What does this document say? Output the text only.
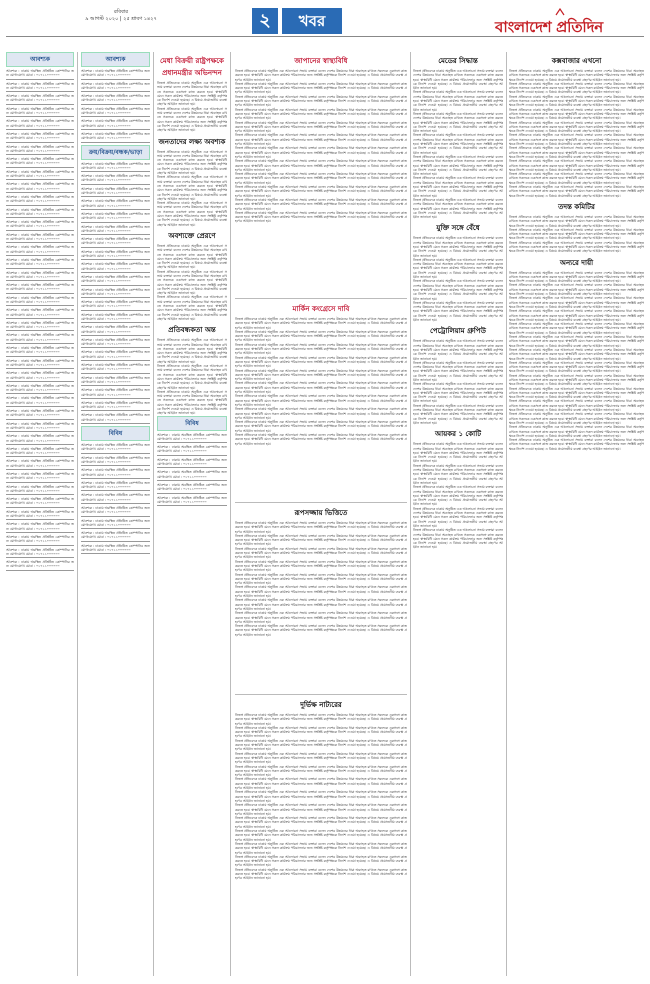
রবিবার
৯ আগস্ট ২০২০ | ২৫ শ্রাবণ ১৪২৭	২	খবর	বাংলাদেশ প্রতিদিন
আবশ্যক
আবশ্যক : ঢাকায় অবস্থিত প্রতিষ্ঠিত কোম্পানির জন্য যোগাযোগ। মোবা : ০১৭১১০০০০০০
আবশ্যক : ঢাকায় অবস্থিত প্রতিষ্ঠিত কোম্পানির জন্য যোগাযোগ। মোবা : ০১৭১১০০০০০০
আবশ্যক : ঢাকায় অবস্থিত প্রতিষ্ঠিত কোম্পানির জন্য যোগাযোগ। মোবা : ০১৭১১০০০০০০
আবশ্যক : ঢাকায় অবস্থিত প্রতিষ্ঠিত কোম্পানির জন্য যোগাযোগ। মোবা : ০১৭১১০০০০০০
আবশ্যক : ঢাকায় অবস্থিত প্রতিষ্ঠিত কোম্পানির জন্য যোগাযোগ। মোবা : ০১৭১১০০০০০০
আবশ্যক : ঢাকায় অবস্থিত প্রতিষ্ঠিত কোম্পানির জন্য যোগাযোগ। মোবা : ০১৭১১০০০০০০
আবশ্যক : ঢাকায় অবস্থিত প্রতিষ্ঠিত কোম্পানির জন্য যোগাযোগ। মোবা : ০১৭১১০০০০০০
আবশ্যক : ঢাকায় অবস্থিত প্রতিষ্ঠিত কোম্পানির জন্য যোগাযোগ। মোবা : ০১৭১১০০০০০০
আবশ্যক : ঢাকায় অবস্থিত প্রতিষ্ঠিত কোম্পানির জন্য যোগাযোগ। মোবা : ০১৭১১০০০০০০
আবশ্যক : ঢাকায় অবস্থিত প্রতিষ্ঠিত কোম্পানির জন্য যোগাযোগ। মোবা : ০১৭১১০০০০০০
আবশ্যক : ঢাকায় অবস্থিত প্রতিষ্ঠিত কোম্পানির জন্য যোগাযোগ। মোবা : ০১৭১১০০০০০০
আবশ্যক : ঢাকায় অবস্থিত প্রতিষ্ঠিত কোম্পানির জন্য যোগাযোগ। মোবা : ০১৭১১০০০০০০
আবশ্যক : ঢাকায় অবস্থিত প্রতিষ্ঠিত কোম্পানির জন্য যোগাযোগ। মোবা : ০১৭১১০০০০০০
আবশ্যক : ঢাকায় অবস্থিত প্রতিষ্ঠিত কোম্পানির জন্য যোগাযোগ। মোবা : ০১৭১১০০০০০০
আবশ্যক : ঢাকায় অবস্থিত প্রতিষ্ঠিত কোম্পানির জন্য যোগাযোগ। মোবা : ০১৭১১০০০০০০
আবশ্যক : ঢাকায় অবস্থিত প্রতিষ্ঠিত কোম্পানির জন্য যোগাযোগ। মোবা : ০১৭১১০০০০০০
আবশ্যক : ঢাকায় অবস্থিত প্রতিষ্ঠিত কোম্পানির জন্য যোগাযোগ। মোবা : ০১৭১১০০০০০০
আবশ্যক : ঢাকায় অবস্থিত প্রতিষ্ঠিত কোম্পানির জন্য যোগাযোগ। মোবা : ০১৭১১০০০০০০
আবশ্যক : ঢাকায় অবস্থিত প্রতিষ্ঠিত কোম্পানির জন্য যোগাযোগ। মোবা : ০১৭১১০০০০০০
আবশ্যক : ঢাকায় অবস্থিত প্রতিষ্ঠিত কোম্পানির জন্য যোগাযোগ। মোবা : ০১৭১১০০০০০০
আবশ্যক : ঢাকায় অবস্থিত প্রতিষ্ঠিত কোম্পানির জন্য যোগাযোগ। মোবা : ০১৭১১০০০০০০
আবশ্যক : ঢাকায় অবস্থিত প্রতিষ্ঠিত কোম্পানির জন্য যোগাযোগ। মোবা : ০১৭১১০০০০০০
আবশ্যক : ঢাকায় অবস্থিত প্রতিষ্ঠিত কোম্পানির জন্য যোগাযোগ। মোবা : ০১৭১১০০০০০০
আবশ্যক : ঢাকায় অবস্থিত প্রতিষ্ঠিত কোম্পানির জন্য যোগাযোগ। মোবা : ০১৭১১০০০০০০
আবশ্যক : ঢাকায় অবস্থিত প্রতিষ্ঠিত কোম্পানির জন্য যোগাযোগ। মোবা : ০১৭১১০০০০০০
আবশ্যক : ঢাকায় অবস্থিত প্রতিষ্ঠিত কোম্পানির জন্য যোগাযোগ। মোবা : ০১৭১১০০০০০০
আবশ্যক : ঢাকায় অবস্থিত প্রতিষ্ঠিত কোম্পানির জন্য যোগাযোগ। মোবা : ০১৭১১০০০০০০
আবশ্যক : ঢাকায় অবস্থিত প্রতিষ্ঠিত কোম্পানির জন্য যোগাযোগ। মোবা : ০১৭১১০০০০০০
আবশ্যক : ঢাকায় অবস্থিত প্রতিষ্ঠিত কোম্পানির জন্য যোগাযোগ। মোবা : ০১৭১১০০০০০০
আবশ্যক : ঢাকায় অবস্থিত প্রতিষ্ঠিত কোম্পানির জন্য যোগাযোগ। মোবা : ০১৭১১০০০০০০
আবশ্যক : ঢাকায় অবস্থিত প্রতিষ্ঠিত কোম্পানির জন্য যোগাযোগ। মোবা : ০১৭১১০০০০০০
আবশ্যক : ঢাকায় অবস্থিত প্রতিষ্ঠিত কোম্পানির জন্য যোগাযোগ। মোবা : ০১৭১১০০০০০০
আবশ্যক : ঢাকায় অবস্থিত প্রতিষ্ঠিত কোম্পানির জন্য যোগাযোগ। মোবা : ০১৭১১০০০০০০
আবশ্যক : ঢাকায় অবস্থিত প্রতিষ্ঠিত কোম্পানির জন্য যোগাযোগ। মোবা : ০১৭১১০০০০০০
আবশ্যক : ঢাকায় অবস্থিত প্রতিষ্ঠিত কোম্পানির জন্য যোগাযোগ। মোবা : ০১৭১১০০০০০০
আবশ্যক : ঢাকায় অবস্থিত প্রতিষ্ঠিত কোম্পানির জন্য যোগাযোগ। মোবা : ০১৭১১০০০০০০
আবশ্যক : ঢাকায় অবস্থিত প্রতিষ্ঠিত কোম্পানির জন্য যোগাযোগ। মোবা : ০১৭১১০০০০০০
আবশ্যক : ঢাকায় অবস্থিত প্রতিষ্ঠিত কোম্পানির জন্য যোগাযোগ। মোবা : ০১৭১১০০০০০০
আবশ্যক : ঢাকায় অবস্থিত প্রতিষ্ঠিত কোম্পানির জন্য যোগাযোগ। মোবা : ০১৭১১০০০০০০
আবশ্যক : ঢাকায় অবস্থিত প্রতিষ্ঠিত কোম্পানির জন্য যোগাযোগ। মোবা : ০১৭১১০০০০০০
আবশ্যক
আবশ্যক : ঢাকায় অবস্থিত প্রতিষ্ঠিত কোম্পানির জন্য যোগাযোগ। মোবা : ০১৭১১০০০০০০
আবশ্যক : ঢাকায় অবস্থিত প্রতিষ্ঠিত কোম্পানির জন্য যোগাযোগ। মোবা : ০১৭১১০০০০০০
আবশ্যক : ঢাকায় অবস্থিত প্রতিষ্ঠিত কোম্পানির জন্য যোগাযোগ। মোবা : ০১৭১১০০০০০০
আবশ্যক : ঢাকায় অবস্থিত প্রতিষ্ঠিত কোম্পানির জন্য যোগাযোগ। মোবা : ০১৭১১০০০০০০
আবশ্যক : ঢাকায় অবস্থিত প্রতিষ্ঠিত কোম্পানির জন্য যোগাযোগ। মোবা : ০১৭১১০০০০০০
আবশ্যক : ঢাকায় অবস্থিত প্রতিষ্ঠিত কোম্পানির জন্য যোগাযোগ। মোবা : ০১৭১১০০০০০০
ক্রয়/বিক্রয়/বন্ধক/ভাড়া
আবশ্যক : ঢাকায় অবস্থিত প্রতিষ্ঠিত কোম্পানির জন্য যোগাযোগ। মোবা : ০১৭১১০০০০০০
আবশ্যক : ঢাকায় অবস্থিত প্রতিষ্ঠিত কোম্পানির জন্য যোগাযোগ। মোবা : ০১৭১১০০০০০০
আবশ্যক : ঢাকায় অবস্থিত প্রতিষ্ঠিত কোম্পানির জন্য যোগাযোগ। মোবা : ০১৭১১০০০০০০
আবশ্যক : ঢাকায় অবস্থিত প্রতিষ্ঠিত কোম্পানির জন্য যোগাযোগ। মোবা : ০১৭১১০০০০০০
আবশ্যক : ঢাকায় অবস্থিত প্রতিষ্ঠিত কোম্পানির জন্য যোগাযোগ। মোবা : ০১৭১১০০০০০০
আবশ্যক : ঢাকায় অবস্থিত প্রতিষ্ঠিত কোম্পানির জন্য যোগাযোগ। মোবা : ০১৭১১০০০০০০
আবশ্যক : ঢাকায় অবস্থিত প্রতিষ্ঠিত কোম্পানির জন্য যোগাযোগ। মোবা : ০১৭১১০০০০০০
আবশ্যক : ঢাকায় অবস্থিত প্রতিষ্ঠিত কোম্পানির জন্য যোগাযোগ। মোবা : ০১৭১১০০০০০০
আবশ্যক : ঢাকায় অবস্থিত প্রতিষ্ঠিত কোম্পানির জন্য যোগাযোগ। মোবা : ০১৭১১০০০০০০
আবশ্যক : ঢাকায় অবস্থিত প্রতিষ্ঠিত কোম্পানির জন্য যোগাযোগ। মোবা : ০১৭১১০০০০০০
আবশ্যক : ঢাকায় অবস্থিত প্রতিষ্ঠিত কোম্পানির জন্য যোগাযোগ। মোবা : ০১৭১১০০০০০০
আবশ্যক : ঢাকায় অবস্থিত প্রতিষ্ঠিত কোম্পানির জন্য যোগাযোগ। মোবা : ০১৭১১০০০০০০
আবশ্যক : ঢাকায় অবস্থিত প্রতিষ্ঠিত কোম্পানির জন্য যোগাযোগ। মোবা : ০১৭১১০০০০০০
আবশ্যক : ঢাকায় অবস্থিত প্রতিষ্ঠিত কোম্পানির জন্য যোগাযোগ। মোবা : ০১৭১১০০০০০০
আবশ্যক : ঢাকায় অবস্থিত প্রতিষ্ঠিত কোম্পানির জন্য যোগাযোগ। মোবা : ০১৭১১০০০০০০
আবশ্যক : ঢাকায় অবস্থিত প্রতিষ্ঠিত কোম্পানির জন্য যোগাযোগ। মোবা : ০১৭১১০০০০০০
আবশ্যক : ঢাকায় অবস্থিত প্রতিষ্ঠিত কোম্পানির জন্য যোগাযোগ। মোবা : ০১৭১১০০০০০০
আবশ্যক : ঢাকায় অবস্থিত প্রতিষ্ঠিত কোম্পানির জন্য যোগাযোগ। মোবা : ০১৭১১০০০০০০
আবশ্যক : ঢাকায় অবস্থিত প্রতিষ্ঠিত কোম্পানির জন্য যোগাযোগ। মোবা : ০১৭১১০০০০০০
আবশ্যক : ঢাকায় অবস্থিত প্রতিষ্ঠিত কোম্পানির জন্য যোগাযোগ। মোবা : ০১৭১১০০০০০০
আবশ্যক : ঢাকায় অবস্থিত প্রতিষ্ঠিত কোম্পানির জন্য যোগাযোগ। মোবা : ০১৭১১০০০০০০
বিবিধ
আবশ্যক : ঢাকায় অবস্থিত প্রতিষ্ঠিত কোম্পানির জন্য যোগাযোগ। মোবা : ০১৭১১০০০০০০
আবশ্যক : ঢাকায় অবস্থিত প্রতিষ্ঠিত কোম্পানির জন্য যোগাযোগ। মোবা : ০১৭১১০০০০০০
আবশ্যক : ঢাকায় অবস্থিত প্রতিষ্ঠিত কোম্পানির জন্য যোগাযোগ। মোবা : ০১৭১১০০০০০০
আবশ্যক : ঢাকায় অবস্থিত প্রতিষ্ঠিত কোম্পানির জন্য যোগাযোগ। মোবা : ০১৭১১০০০০০০
আবশ্যক : ঢাকায় অবস্থিত প্রতিষ্ঠিত কোম্পানির জন্য যোগাযোগ। মোবা : ০১৭১১০০০০০০
আবশ্যক : ঢাকায় অবস্থিত প্রতিষ্ঠিত কোম্পানির জন্য যোগাযোগ। মোবা : ০১৭১১০০০০০০
আবশ্যক : ঢাকায় অবস্থিত প্রতিষ্ঠিত কোম্পানির জন্য যোগাযোগ। মোবা : ০১৭১১০০০০০০
আবশ্যক : ঢাকায় অবস্থিত প্রতিষ্ঠিত কোম্পানির জন্য যোগাযোগ। মোবা : ০১৭১১০০০০০০
আবশ্যক : ঢাকায় অবস্থিত প্রতিষ্ঠিত কোম্পানির জন্য যোগাযোগ। মোবা : ০১৭১১০০০০০০
মেধা বিক্রয়ী রাষ্ট্রপক্ষকে প্রধানমন্ত্রীর অভিনন্দন
নিজস্ব প্রতিবেদক ঢাকায় অনুষ্ঠিত এক আলোচনা সভায় বক্তারা বলেন দেশের উন্নয়নের ধারা অব্যাহত রাখতে সকলকে একসঙ্গে কাজ করতে হবে। স্বাস্থ্যবিধি মেনে সকল কার্যক্রম পরিচালনার জন্য সংশ্লিষ্ট কর্তৃপক্ষকে নির্দেশ দেওয়া হয়েছে। এ বিষয়ে প্রয়োজনীয় ব্যবস্থা গ্রহণের আহ্বান জানানো হয়।
নিজস্ব প্রতিবেদক ঢাকায় অনুষ্ঠিত এক আলোচনা সভায় বক্তারা বলেন দেশের উন্নয়নের ধারা অব্যাহত রাখতে সকলকে একসঙ্গে কাজ করতে হবে। স্বাস্থ্যবিধি মেনে সকল কার্যক্রম পরিচালনার জন্য সংশ্লিষ্ট কর্তৃপক্ষকে নির্দেশ দেওয়া হয়েছে। এ বিষয়ে প্রয়োজনীয় ব্যবস্থা গ্রহণের আহ্বান জানানো হয়।
জনতাদের লক্ষ্য অবশ্যক
নিজস্ব প্রতিবেদক ঢাকায় অনুষ্ঠিত এক আলোচনা সভায় বক্তারা বলেন দেশের উন্নয়নের ধারা অব্যাহত রাখতে সকলকে একসঙ্গে কাজ করতে হবে। স্বাস্থ্যবিধি মেনে সকল কার্যক্রম পরিচালনার জন্য সংশ্লিষ্ট কর্তৃপক্ষকে নির্দেশ দেওয়া হয়েছে। এ বিষয়ে প্রয়োজনীয় ব্যবস্থা গ্রহণের আহ্বান জানানো হয়।
নিজস্ব প্রতিবেদক ঢাকায় অনুষ্ঠিত এক আলোচনা সভায় বক্তারা বলেন দেশের উন্নয়নের ধারা অব্যাহত রাখতে সকলকে একসঙ্গে কাজ করতে হবে। স্বাস্থ্যবিধি মেনে সকল কার্যক্রম পরিচালনার জন্য সংশ্লিষ্ট কর্তৃপক্ষকে নির্দেশ দেওয়া হয়েছে। এ বিষয়ে প্রয়োজনীয় ব্যবস্থা গ্রহণের আহ্বান জানানো হয়।
নিজস্ব প্রতিবেদক ঢাকায় অনুষ্ঠিত এক আলোচনা সভায় বক্তারা বলেন দেশের উন্নয়নের ধারা অব্যাহত রাখতে সকলকে একসঙ্গে কাজ করতে হবে। স্বাস্থ্যবিধি মেনে সকল কার্যক্রম পরিচালনার জন্য সংশ্লিষ্ট কর্তৃপক্ষকে নির্দেশ দেওয়া হয়েছে। এ বিষয়ে প্রয়োজনীয় ব্যবস্থা গ্রহণের আহ্বান জানানো হয়।
অবশ্যক্তে প্রেরণে
নিজস্ব প্রতিবেদক ঢাকায় অনুষ্ঠিত এক আলোচনা সভায় বক্তারা বলেন দেশের উন্নয়নের ধারা অব্যাহত রাখতে সকলকে একসঙ্গে কাজ করতে হবে। স্বাস্থ্যবিধি মেনে সকল কার্যক্রম পরিচালনার জন্য সংশ্লিষ্ট কর্তৃপক্ষকে নির্দেশ দেওয়া হয়েছে। এ বিষয়ে প্রয়োজনীয় ব্যবস্থা গ্রহণের আহ্বান জানানো হয়।
নিজস্ব প্রতিবেদক ঢাকায় অনুষ্ঠিত এক আলোচনা সভায় বক্তারা বলেন দেশের উন্নয়নের ধারা অব্যাহত রাখতে সকলকে একসঙ্গে কাজ করতে হবে। স্বাস্থ্যবিধি মেনে সকল কার্যক্রম পরিচালনার জন্য সংশ্লিষ্ট কর্তৃপক্ষকে নির্দেশ দেওয়া হয়েছে। এ বিষয়ে প্রয়োজনীয় ব্যবস্থা গ্রহণের আহ্বান জানানো হয়।
নিজস্ব প্রতিবেদক ঢাকায় অনুষ্ঠিত এক আলোচনা সভায় বক্তারা বলেন দেশের উন্নয়নের ধারা অব্যাহত রাখতে সকলকে একসঙ্গে কাজ করতে হবে। স্বাস্থ্যবিধি মেনে সকল কার্যক্রম পরিচালনার জন্য সংশ্লিষ্ট কর্তৃপক্ষকে নির্দেশ দেওয়া হয়েছে। এ বিষয়ে প্রয়োজনীয় ব্যবস্থা গ্রহণের আহ্বান জানানো হয়।
প্রতিবন্ধকতা অন্ত
নিজস্ব প্রতিবেদক ঢাকায় অনুষ্ঠিত এক আলোচনা সভায় বক্তারা বলেন দেশের উন্নয়নের ধারা অব্যাহত রাখতে সকলকে একসঙ্গে কাজ করতে হবে। স্বাস্থ্যবিধি মেনে সকল কার্যক্রম পরিচালনার জন্য সংশ্লিষ্ট কর্তৃপক্ষকে নির্দেশ দেওয়া হয়েছে। এ বিষয়ে প্রয়োজনীয় ব্যবস্থা গ্রহণের আহ্বান জানানো হয়।
নিজস্ব প্রতিবেদক ঢাকায় অনুষ্ঠিত এক আলোচনা সভায় বক্তারা বলেন দেশের উন্নয়নের ধারা অব্যাহত রাখতে সকলকে একসঙ্গে কাজ করতে হবে। স্বাস্থ্যবিধি মেনে সকল কার্যক্রম পরিচালনার জন্য সংশ্লিষ্ট কর্তৃপক্ষকে নির্দেশ দেওয়া হয়েছে। এ বিষয়ে প্রয়োজনীয় ব্যবস্থা গ্রহণের আহ্বান জানানো হয়।
নিজস্ব প্রতিবেদক ঢাকায় অনুষ্ঠিত এক আলোচনা সভায় বক্তারা বলেন দেশের উন্নয়নের ধারা অব্যাহত রাখতে সকলকে একসঙ্গে কাজ করতে হবে। স্বাস্থ্যবিধি মেনে সকল কার্যক্রম পরিচালনার জন্য সংশ্লিষ্ট কর্তৃপক্ষকে নির্দেশ দেওয়া হয়েছে। এ বিষয়ে প্রয়োজনীয় ব্যবস্থা গ্রহণের আহ্বান জানানো হয়।
বিবিধ
আবশ্যক : ঢাকায় অবস্থিত প্রতিষ্ঠিত কোম্পানির জন্য যোগাযোগ। মোবা : ০১৭১১০০০০০০
আবশ্যক : ঢাকায় অবস্থিত প্রতিষ্ঠিত কোম্পানির জন্য যোগাযোগ। মোবা : ০১৭১১০০০০০০
আবশ্যক : ঢাকায় অবস্থিত প্রতিষ্ঠিত কোম্পানির জন্য যোগাযোগ। মোবা : ০১৭১১০০০০০০
আবশ্যক : ঢাকায় অবস্থিত প্রতিষ্ঠিত কোম্পানির জন্য যোগাযোগ। মোবা : ০১৭১১০০০০০০
আবশ্যক : ঢাকায় অবস্থিত প্রতিষ্ঠিত কোম্পানির জন্য যোগাযোগ। মোবা : ০১৭১১০০০০০০
আবশ্যক : ঢাকায় অবস্থিত প্রতিষ্ঠিত কোম্পানির জন্য যোগাযোগ। মোবা : ০১৭১১০০০০০০
জাপানের স্বাস্থ্যবিধি
নিজস্ব প্রতিবেদক ঢাকায় অনুষ্ঠিত এক আলোচনা সভায় বক্তারা বলেন দেশের উন্নয়নের ধারা অব্যাহত রাখতে সকলকে একসঙ্গে কাজ করতে হবে। স্বাস্থ্যবিধি মেনে সকল কার্যক্রম পরিচালনার জন্য সংশ্লিষ্ট কর্তৃপক্ষকে নির্দেশ দেওয়া হয়েছে। এ বিষয়ে প্রয়োজনীয় ব্যবস্থা গ্রহণের আহ্বান জানানো হয়।
নিজস্ব প্রতিবেদক ঢাকায় অনুষ্ঠিত এক আলোচনা সভায় বক্তারা বলেন দেশের উন্নয়নের ধারা অব্যাহত রাখতে সকলকে একসঙ্গে কাজ করতে হবে। স্বাস্থ্যবিধি মেনে সকল কার্যক্রম পরিচালনার জন্য সংশ্লিষ্ট কর্তৃপক্ষকে নির্দেশ দেওয়া হয়েছে। এ বিষয়ে প্রয়োজনীয় ব্যবস্থা গ্রহণের আহ্বান জানানো হয়।
নিজস্ব প্রতিবেদক ঢাকায় অনুষ্ঠিত এক আলোচনা সভায় বক্তারা বলেন দেশের উন্নয়নের ধারা অব্যাহত রাখতে সকলকে একসঙ্গে কাজ করতে হবে। স্বাস্থ্যবিধি মেনে সকল কার্যক্রম পরিচালনার জন্য সংশ্লিষ্ট কর্তৃপক্ষকে নির্দেশ দেওয়া হয়েছে। এ বিষয়ে প্রয়োজনীয় ব্যবস্থা গ্রহণের আহ্বান জানানো হয়।
নিজস্ব প্রতিবেদক ঢাকায় অনুষ্ঠিত এক আলোচনা সভায় বক্তারা বলেন দেশের উন্নয়নের ধারা অব্যাহত রাখতে সকলকে একসঙ্গে কাজ করতে হবে। স্বাস্থ্যবিধি মেনে সকল কার্যক্রম পরিচালনার জন্য সংশ্লিষ্ট কর্তৃপক্ষকে নির্দেশ দেওয়া হয়েছে। এ বিষয়ে প্রয়োজনীয় ব্যবস্থা গ্রহণের আহ্বান জানানো হয়।
নিজস্ব প্রতিবেদক ঢাকায় অনুষ্ঠিত এক আলোচনা সভায় বক্তারা বলেন দেশের উন্নয়নের ধারা অব্যাহত রাখতে সকলকে একসঙ্গে কাজ করতে হবে। স্বাস্থ্যবিধি মেনে সকল কার্যক্রম পরিচালনার জন্য সংশ্লিষ্ট কর্তৃপক্ষকে নির্দেশ দেওয়া হয়েছে। এ বিষয়ে প্রয়োজনীয় ব্যবস্থা গ্রহণের আহ্বান জানানো হয়।
নিজস্ব প্রতিবেদক ঢাকায় অনুষ্ঠিত এক আলোচনা সভায় বক্তারা বলেন দেশের উন্নয়নের ধারা অব্যাহত রাখতে সকলকে একসঙ্গে কাজ করতে হবে। স্বাস্থ্যবিধি মেনে সকল কার্যক্রম পরিচালনার জন্য সংশ্লিষ্ট কর্তৃপক্ষকে নির্দেশ দেওয়া হয়েছে। এ বিষয়ে প্রয়োজনীয় ব্যবস্থা গ্রহণের আহ্বান জানানো হয়।
নিজস্ব প্রতিবেদক ঢাকায় অনুষ্ঠিত এক আলোচনা সভায় বক্তারা বলেন দেশের উন্নয়নের ধারা অব্যাহত রাখতে সকলকে একসঙ্গে কাজ করতে হবে। স্বাস্থ্যবিধি মেনে সকল কার্যক্রম পরিচালনার জন্য সংশ্লিষ্ট কর্তৃপক্ষকে নির্দেশ দেওয়া হয়েছে। এ বিষয়ে প্রয়োজনীয় ব্যবস্থা গ্রহণের আহ্বান জানানো হয়।
নিজস্ব প্রতিবেদক ঢাকায় অনুষ্ঠিত এক আলোচনা সভায় বক্তারা বলেন দেশের উন্নয়নের ধারা অব্যাহত রাখতে সকলকে একসঙ্গে কাজ করতে হবে। স্বাস্থ্যবিধি মেনে সকল কার্যক্রম পরিচালনার জন্য সংশ্লিষ্ট কর্তৃপক্ষকে নির্দেশ দেওয়া হয়েছে। এ বিষয়ে প্রয়োজনীয় ব্যবস্থা গ্রহণের আহ্বান জানানো হয়।
নিজস্ব প্রতিবেদক ঢাকায় অনুষ্ঠিত এক আলোচনা সভায় বক্তারা বলেন দেশের উন্নয়নের ধারা অব্যাহত রাখতে সকলকে একসঙ্গে কাজ করতে হবে। স্বাস্থ্যবিধি মেনে সকল কার্যক্রম পরিচালনার জন্য সংশ্লিষ্ট কর্তৃপক্ষকে নির্দেশ দেওয়া হয়েছে। এ বিষয়ে প্রয়োজনীয় ব্যবস্থা গ্রহণের আহ্বান জানানো হয়।
নিজস্ব প্রতিবেদক ঢাকায় অনুষ্ঠিত এক আলোচনা সভায় বক্তারা বলেন দেশের উন্নয়নের ধারা অব্যাহত রাখতে সকলকে একসঙ্গে কাজ করতে হবে। স্বাস্থ্যবিধি মেনে সকল কার্যক্রম পরিচালনার জন্য সংশ্লিষ্ট কর্তৃপক্ষকে নির্দেশ দেওয়া হয়েছে। এ বিষয়ে প্রয়োজনীয় ব্যবস্থা গ্রহণের আহ্বান জানানো হয়।
নিজস্ব প্রতিবেদক ঢাকায় অনুষ্ঠিত এক আলোচনা সভায় বক্তারা বলেন দেশের উন্নয়নের ধারা অব্যাহত রাখতে সকলকে একসঙ্গে কাজ করতে হবে। স্বাস্থ্যবিধি মেনে সকল কার্যক্রম পরিচালনার জন্য সংশ্লিষ্ট কর্তৃপক্ষকে নির্দেশ দেওয়া হয়েছে। এ বিষয়ে প্রয়োজনীয় ব্যবস্থা গ্রহণের আহ্বান জানানো হয়।
নিজস্ব প্রতিবেদক ঢাকায় অনুষ্ঠিত এক আলোচনা সভায় বক্তারা বলেন দেশের উন্নয়নের ধারা অব্যাহত রাখতে সকলকে একসঙ্গে কাজ করতে হবে। স্বাস্থ্যবিধি মেনে সকল কার্যক্রম পরিচালনার জন্য সংশ্লিষ্ট কর্তৃপক্ষকে নির্দেশ দেওয়া হয়েছে। এ বিষয়ে প্রয়োজনীয় ব্যবস্থা গ্রহণের আহ্বান জানানো হয়।
মার্কিন কংগ্রেসে দাবি
নিজস্ব প্রতিবেদক ঢাকায় অনুষ্ঠিত এক আলোচনা সভায় বক্তারা বলেন দেশের উন্নয়নের ধারা অব্যাহত রাখতে সকলকে একসঙ্গে কাজ করতে হবে। স্বাস্থ্যবিধি মেনে সকল কার্যক্রম পরিচালনার জন্য সংশ্লিষ্ট কর্তৃপক্ষকে নির্দেশ দেওয়া হয়েছে। এ বিষয়ে প্রয়োজনীয় ব্যবস্থা গ্রহণের আহ্বান জানানো হয়।
নিজস্ব প্রতিবেদক ঢাকায় অনুষ্ঠিত এক আলোচনা সভায় বক্তারা বলেন দেশের উন্নয়নের ধারা অব্যাহত রাখতে সকলকে একসঙ্গে কাজ করতে হবে। স্বাস্থ্যবিধি মেনে সকল কার্যক্রম পরিচালনার জন্য সংশ্লিষ্ট কর্তৃপক্ষকে নির্দেশ দেওয়া হয়েছে। এ বিষয়ে প্রয়োজনীয় ব্যবস্থা গ্রহণের আহ্বান জানানো হয়।
নিজস্ব প্রতিবেদক ঢাকায় অনুষ্ঠিত এক আলোচনা সভায় বক্তারা বলেন দেশের উন্নয়নের ধারা অব্যাহত রাখতে সকলকে একসঙ্গে কাজ করতে হবে। স্বাস্থ্যবিধি মেনে সকল কার্যক্রম পরিচালনার জন্য সংশ্লিষ্ট কর্তৃপক্ষকে নির্দেশ দেওয়া হয়েছে। এ বিষয়ে প্রয়োজনীয় ব্যবস্থা গ্রহণের আহ্বান জানানো হয়।
নিজস্ব প্রতিবেদক ঢাকায় অনুষ্ঠিত এক আলোচনা সভায় বক্তারা বলেন দেশের উন্নয়নের ধারা অব্যাহত রাখতে সকলকে একসঙ্গে কাজ করতে হবে। স্বাস্থ্যবিধি মেনে সকল কার্যক্রম পরিচালনার জন্য সংশ্লিষ্ট কর্তৃপক্ষকে নির্দেশ দেওয়া হয়েছে। এ বিষয়ে প্রয়োজনীয় ব্যবস্থা গ্রহণের আহ্বান জানানো হয়।
নিজস্ব প্রতিবেদক ঢাকায় অনুষ্ঠিত এক আলোচনা সভায় বক্তারা বলেন দেশের উন্নয়নের ধারা অব্যাহত রাখতে সকলকে একসঙ্গে কাজ করতে হবে। স্বাস্থ্যবিধি মেনে সকল কার্যক্রম পরিচালনার জন্য সংশ্লিষ্ট কর্তৃপক্ষকে নির্দেশ দেওয়া হয়েছে। এ বিষয়ে প্রয়োজনীয় ব্যবস্থা গ্রহণের আহ্বান জানানো হয়।
নিজস্ব প্রতিবেদক ঢাকায় অনুষ্ঠিত এক আলোচনা সভায় বক্তারা বলেন দেশের উন্নয়নের ধারা অব্যাহত রাখতে সকলকে একসঙ্গে কাজ করতে হবে। স্বাস্থ্যবিধি মেনে সকল কার্যক্রম পরিচালনার জন্য সংশ্লিষ্ট কর্তৃপক্ষকে নির্দেশ দেওয়া হয়েছে। এ বিষয়ে প্রয়োজনীয় ব্যবস্থা গ্রহণের আহ্বান জানানো হয়।
নিজস্ব প্রতিবেদক ঢাকায় অনুষ্ঠিত এক আলোচনা সভায় বক্তারা বলেন দেশের উন্নয়নের ধারা অব্যাহত রাখতে সকলকে একসঙ্গে কাজ করতে হবে। স্বাস্থ্যবিধি মেনে সকল কার্যক্রম পরিচালনার জন্য সংশ্লিষ্ট কর্তৃপক্ষকে নির্দেশ দেওয়া হয়েছে। এ বিষয়ে প্রয়োজনীয় ব্যবস্থা গ্রহণের আহ্বান জানানো হয়।
নিজস্ব প্রতিবেদক ঢাকায় অনুষ্ঠিত এক আলোচনা সভায় বক্তারা বলেন দেশের উন্নয়নের ধারা অব্যাহত রাখতে সকলকে একসঙ্গে কাজ করতে হবে। স্বাস্থ্যবিধি মেনে সকল কার্যক্রম পরিচালনার জন্য সংশ্লিষ্ট কর্তৃপক্ষকে নির্দেশ দেওয়া হয়েছে। এ বিষয়ে প্রয়োজনীয় ব্যবস্থা গ্রহণের আহ্বান জানানো হয়।
নিজস্ব প্রতিবেদক ঢাকায় অনুষ্ঠিত এক আলোচনা সভায় বক্তারা বলেন দেশের উন্নয়নের ধারা অব্যাহত রাখতে সকলকে একসঙ্গে কাজ করতে হবে। স্বাস্থ্যবিধি মেনে সকল কার্যক্রম পরিচালনার জন্য সংশ্লিষ্ট কর্তৃপক্ষকে নির্দেশ দেওয়া হয়েছে। এ বিষয়ে প্রয়োজনীয় ব্যবস্থা গ্রহণের আহ্বান জানানো হয়।
নিজস্ব প্রতিবেদক ঢাকায় অনুষ্ঠিত এক আলোচনা সভায় বক্তারা বলেন দেশের উন্নয়নের ধারা অব্যাহত রাখতে সকলকে একসঙ্গে কাজ করতে হবে। স্বাস্থ্যবিধি মেনে সকল কার্যক্রম পরিচালনার জন্য সংশ্লিষ্ট কর্তৃপক্ষকে নির্দেশ দেওয়া হয়েছে। এ বিষয়ে প্রয়োজনীয় ব্যবস্থা গ্রহণের আহ্বান জানানো হয়।
রূপসজ্জায় ভিত্তিতে
নিজস্ব প্রতিবেদক ঢাকায় অনুষ্ঠিত এক আলোচনা সভায় বক্তারা বলেন দেশের উন্নয়নের ধারা অব্যাহত রাখতে সকলকে একসঙ্গে কাজ করতে হবে। স্বাস্থ্যবিধি মেনে সকল কার্যক্রম পরিচালনার জন্য সংশ্লিষ্ট কর্তৃপক্ষকে নির্দেশ দেওয়া হয়েছে। এ বিষয়ে প্রয়োজনীয় ব্যবস্থা গ্রহণের আহ্বান জানানো হয়।
নিজস্ব প্রতিবেদক ঢাকায় অনুষ্ঠিত এক আলোচনা সভায় বক্তারা বলেন দেশের উন্নয়নের ধারা অব্যাহত রাখতে সকলকে একসঙ্গে কাজ করতে হবে। স্বাস্থ্যবিধি মেনে সকল কার্যক্রম পরিচালনার জন্য সংশ্লিষ্ট কর্তৃপক্ষকে নির্দেশ দেওয়া হয়েছে। এ বিষয়ে প্রয়োজনীয় ব্যবস্থা গ্রহণের আহ্বান জানানো হয়।
নিজস্ব প্রতিবেদক ঢাকায় অনুষ্ঠিত এক আলোচনা সভায় বক্তারা বলেন দেশের উন্নয়নের ধারা অব্যাহত রাখতে সকলকে একসঙ্গে কাজ করতে হবে। স্বাস্থ্যবিধি মেনে সকল কার্যক্রম পরিচালনার জন্য সংশ্লিষ্ট কর্তৃপক্ষকে নির্দেশ দেওয়া হয়েছে। এ বিষয়ে প্রয়োজনীয় ব্যবস্থা গ্রহণের আহ্বান জানানো হয়।
নিজস্ব প্রতিবেদক ঢাকায় অনুষ্ঠিত এক আলোচনা সভায় বক্তারা বলেন দেশের উন্নয়নের ধারা অব্যাহত রাখতে সকলকে একসঙ্গে কাজ করতে হবে। স্বাস্থ্যবিধি মেনে সকল কার্যক্রম পরিচালনার জন্য সংশ্লিষ্ট কর্তৃপক্ষকে নির্দেশ দেওয়া হয়েছে। এ বিষয়ে প্রয়োজনীয় ব্যবস্থা গ্রহণের আহ্বান জানানো হয়।
নিজস্ব প্রতিবেদক ঢাকায় অনুষ্ঠিত এক আলোচনা সভায় বক্তারা বলেন দেশের উন্নয়নের ধারা অব্যাহত রাখতে সকলকে একসঙ্গে কাজ করতে হবে। স্বাস্থ্যবিধি মেনে সকল কার্যক্রম পরিচালনার জন্য সংশ্লিষ্ট কর্তৃপক্ষকে নির্দেশ দেওয়া হয়েছে। এ বিষয়ে প্রয়োজনীয় ব্যবস্থা গ্রহণের আহ্বান জানানো হয়।
নিজস্ব প্রতিবেদক ঢাকায় অনুষ্ঠিত এক আলোচনা সভায় বক্তারা বলেন দেশের উন্নয়নের ধারা অব্যাহত রাখতে সকলকে একসঙ্গে কাজ করতে হবে। স্বাস্থ্যবিধি মেনে সকল কার্যক্রম পরিচালনার জন্য সংশ্লিষ্ট কর্তৃপক্ষকে নির্দেশ দেওয়া হয়েছে। এ বিষয়ে প্রয়োজনীয় ব্যবস্থা গ্রহণের আহ্বান জানানো হয়।
নিজস্ব প্রতিবেদক ঢাকায় অনুষ্ঠিত এক আলোচনা সভায় বক্তারা বলেন দেশের উন্নয়নের ধারা অব্যাহত রাখতে সকলকে একসঙ্গে কাজ করতে হবে। স্বাস্থ্যবিধি মেনে সকল কার্যক্রম পরিচালনার জন্য সংশ্লিষ্ট কর্তৃপক্ষকে নির্দেশ দেওয়া হয়েছে। এ বিষয়ে প্রয়োজনীয় ব্যবস্থা গ্রহণের আহ্বান জানানো হয়।
নিজস্ব প্রতিবেদক ঢাকায় অনুষ্ঠিত এক আলোচনা সভায় বক্তারা বলেন দেশের উন্নয়নের ধারা অব্যাহত রাখতে সকলকে একসঙ্গে কাজ করতে হবে। স্বাস্থ্যবিধি মেনে সকল কার্যক্রম পরিচালনার জন্য সংশ্লিষ্ট কর্তৃপক্ষকে নির্দেশ দেওয়া হয়েছে। এ বিষয়ে প্রয়োজনীয় ব্যবস্থা গ্রহণের আহ্বান জানানো হয়।
নিজস্ব প্রতিবেদক ঢাকায় অনুষ্ঠিত এক আলোচনা সভায় বক্তারা বলেন দেশের উন্নয়নের ধারা অব্যাহত রাখতে সকলকে একসঙ্গে কাজ করতে হবে। স্বাস্থ্যবিধি মেনে সকল কার্যক্রম পরিচালনার জন্য সংশ্লিষ্ট কর্তৃপক্ষকে নির্দেশ দেওয়া হয়েছে। এ বিষয়ে প্রয়োজনীয় ব্যবস্থা গ্রহণের আহ্বান জানানো হয়।
দুর্ভিক্ষ নাট্যরের
নিজস্ব প্রতিবেদক ঢাকায় অনুষ্ঠিত এক আলোচনা সভায় বক্তারা বলেন দেশের উন্নয়নের ধারা অব্যাহত রাখতে সকলকে একসঙ্গে কাজ করতে হবে। স্বাস্থ্যবিধি মেনে সকল কার্যক্রম পরিচালনার জন্য সংশ্লিষ্ট কর্তৃপক্ষকে নির্দেশ দেওয়া হয়েছে। এ বিষয়ে প্রয়োজনীয় ব্যবস্থা গ্রহণের আহ্বান জানানো হয়।
নিজস্ব প্রতিবেদক ঢাকায় অনুষ্ঠিত এক আলোচনা সভায় বক্তারা বলেন দেশের উন্নয়নের ধারা অব্যাহত রাখতে সকলকে একসঙ্গে কাজ করতে হবে। স্বাস্থ্যবিধি মেনে সকল কার্যক্রম পরিচালনার জন্য সংশ্লিষ্ট কর্তৃপক্ষকে নির্দেশ দেওয়া হয়েছে। এ বিষয়ে প্রয়োজনীয় ব্যবস্থা গ্রহণের আহ্বান জানানো হয়।
নিজস্ব প্রতিবেদক ঢাকায় অনুষ্ঠিত এক আলোচনা সভায় বক্তারা বলেন দেশের উন্নয়নের ধারা অব্যাহত রাখতে সকলকে একসঙ্গে কাজ করতে হবে। স্বাস্থ্যবিধি মেনে সকল কার্যক্রম পরিচালনার জন্য সংশ্লিষ্ট কর্তৃপক্ষকে নির্দেশ দেওয়া হয়েছে। এ বিষয়ে প্রয়োজনীয় ব্যবস্থা গ্রহণের আহ্বান জানানো হয়।
নিজস্ব প্রতিবেদক ঢাকায় অনুষ্ঠিত এক আলোচনা সভায় বক্তারা বলেন দেশের উন্নয়নের ধারা অব্যাহত রাখতে সকলকে একসঙ্গে কাজ করতে হবে। স্বাস্থ্যবিধি মেনে সকল কার্যক্রম পরিচালনার জন্য সংশ্লিষ্ট কর্তৃপক্ষকে নির্দেশ দেওয়া হয়েছে। এ বিষয়ে প্রয়োজনীয় ব্যবস্থা গ্রহণের আহ্বান জানানো হয়।
নিজস্ব প্রতিবেদক ঢাকায় অনুষ্ঠিত এক আলোচনা সভায় বক্তারা বলেন দেশের উন্নয়নের ধারা অব্যাহত রাখতে সকলকে একসঙ্গে কাজ করতে হবে। স্বাস্থ্যবিধি মেনে সকল কার্যক্রম পরিচালনার জন্য সংশ্লিষ্ট কর্তৃপক্ষকে নির্দেশ দেওয়া হয়েছে। এ বিষয়ে প্রয়োজনীয় ব্যবস্থা গ্রহণের আহ্বান জানানো হয়।
নিজস্ব প্রতিবেদক ঢাকায় অনুষ্ঠিত এক আলোচনা সভায় বক্তারা বলেন দেশের উন্নয়নের ধারা অব্যাহত রাখতে সকলকে একসঙ্গে কাজ করতে হবে। স্বাস্থ্যবিধি মেনে সকল কার্যক্রম পরিচালনার জন্য সংশ্লিষ্ট কর্তৃপক্ষকে নির্দেশ দেওয়া হয়েছে। এ বিষয়ে প্রয়োজনীয় ব্যবস্থা গ্রহণের আহ্বান জানানো হয়।
নিজস্ব প্রতিবেদক ঢাকায় অনুষ্ঠিত এক আলোচনা সভায় বক্তারা বলেন দেশের উন্নয়নের ধারা অব্যাহত রাখতে সকলকে একসঙ্গে কাজ করতে হবে। স্বাস্থ্যবিধি মেনে সকল কার্যক্রম পরিচালনার জন্য সংশ্লিষ্ট কর্তৃপক্ষকে নির্দেশ দেওয়া হয়েছে। এ বিষয়ে প্রয়োজনীয় ব্যবস্থা গ্রহণের আহ্বান জানানো হয়।
নিজস্ব প্রতিবেদক ঢাকায় অনুষ্ঠিত এক আলোচনা সভায় বক্তারা বলেন দেশের উন্নয়নের ধারা অব্যাহত রাখতে সকলকে একসঙ্গে কাজ করতে হবে। স্বাস্থ্যবিধি মেনে সকল কার্যক্রম পরিচালনার জন্য সংশ্লিষ্ট কর্তৃপক্ষকে নির্দেশ দেওয়া হয়েছে। এ বিষয়ে প্রয়োজনীয় ব্যবস্থা গ্রহণের আহ্বান জানানো হয়।
নিজস্ব প্রতিবেদক ঢাকায় অনুষ্ঠিত এক আলোচনা সভায় বক্তারা বলেন দেশের উন্নয়নের ধারা অব্যাহত রাখতে সকলকে একসঙ্গে কাজ করতে হবে। স্বাস্থ্যবিধি মেনে সকল কার্যক্রম পরিচালনার জন্য সংশ্লিষ্ট কর্তৃপক্ষকে নির্দেশ দেওয়া হয়েছে। এ বিষয়ে প্রয়োজনীয় ব্যবস্থা গ্রহণের আহ্বান জানানো হয়।
নিজস্ব প্রতিবেদক ঢাকায় অনুষ্ঠিত এক আলোচনা সভায় বক্তারা বলেন দেশের উন্নয়নের ধারা অব্যাহত রাখতে সকলকে একসঙ্গে কাজ করতে হবে। স্বাস্থ্যবিধি মেনে সকল কার্যক্রম পরিচালনার জন্য সংশ্লিষ্ট কর্তৃপক্ষকে নির্দেশ দেওয়া হয়েছে। এ বিষয়ে প্রয়োজনীয় ব্যবস্থা গ্রহণের আহ্বান জানানো হয়।
নিজস্ব প্রতিবেদক ঢাকায় অনুষ্ঠিত এক আলোচনা সভায় বক্তারা বলেন দেশের উন্নয়নের ধারা অব্যাহত রাখতে সকলকে একসঙ্গে কাজ করতে হবে। স্বাস্থ্যবিধি মেনে সকল কার্যক্রম পরিচালনার জন্য সংশ্লিষ্ট কর্তৃপক্ষকে নির্দেশ দেওয়া হয়েছে। এ বিষয়ে প্রয়োজনীয় ব্যবস্থা গ্রহণের আহ্বান জানানো হয়।
নিজস্ব প্রতিবেদক ঢাকায় অনুষ্ঠিত এক আলোচনা সভায় বক্তারা বলেন দেশের উন্নয়নের ধারা অব্যাহত রাখতে সকলকে একসঙ্গে কাজ করতে হবে। স্বাস্থ্যবিধি মেনে সকল কার্যক্রম পরিচালনার জন্য সংশ্লিষ্ট কর্তৃপক্ষকে নির্দেশ দেওয়া হয়েছে। এ বিষয়ে প্রয়োজনীয় ব্যবস্থা গ্রহণের আহ্বান জানানো হয়।
নিজস্ব প্রতিবেদক ঢাকায় অনুষ্ঠিত এক আলোচনা সভায় বক্তারা বলেন দেশের উন্নয়নের ধারা অব্যাহত রাখতে সকলকে একসঙ্গে কাজ করতে হবে। স্বাস্থ্যবিধি মেনে সকল কার্যক্রম পরিচালনার জন্য সংশ্লিষ্ট কর্তৃপক্ষকে নির্দেশ দেওয়া হয়েছে। এ বিষয়ে প্রয়োজনীয় ব্যবস্থা গ্রহণের আহ্বান জানানো হয়।
মেডের সিদ্ধান্ত
নিজস্ব প্রতিবেদক ঢাকায় অনুষ্ঠিত এক আলোচনা সভায় বক্তারা বলেন দেশের উন্নয়নের ধারা অব্যাহত রাখতে সকলকে একসঙ্গে কাজ করতে হবে। স্বাস্থ্যবিধি মেনে সকল কার্যক্রম পরিচালনার জন্য সংশ্লিষ্ট কর্তৃপক্ষকে নির্দেশ দেওয়া হয়েছে। এ বিষয়ে প্রয়োজনীয় ব্যবস্থা গ্রহণের আহ্বান জানানো হয়।
নিজস্ব প্রতিবেদক ঢাকায় অনুষ্ঠিত এক আলোচনা সভায় বক্তারা বলেন দেশের উন্নয়নের ধারা অব্যাহত রাখতে সকলকে একসঙ্গে কাজ করতে হবে। স্বাস্থ্যবিধি মেনে সকল কার্যক্রম পরিচালনার জন্য সংশ্লিষ্ট কর্তৃপক্ষকে নির্দেশ দেওয়া হয়েছে। এ বিষয়ে প্রয়োজনীয় ব্যবস্থা গ্রহণের আহ্বান জানানো হয়।
নিজস্ব প্রতিবেদক ঢাকায় অনুষ্ঠিত এক আলোচনা সভায় বক্তারা বলেন দেশের উন্নয়নের ধারা অব্যাহত রাখতে সকলকে একসঙ্গে কাজ করতে হবে। স্বাস্থ্যবিধি মেনে সকল কার্যক্রম পরিচালনার জন্য সংশ্লিষ্ট কর্তৃপক্ষকে নির্দেশ দেওয়া হয়েছে। এ বিষয়ে প্রয়োজনীয় ব্যবস্থা গ্রহণের আহ্বান জানানো হয়।
নিজস্ব প্রতিবেদক ঢাকায় অনুষ্ঠিত এক আলোচনা সভায় বক্তারা বলেন দেশের উন্নয়নের ধারা অব্যাহত রাখতে সকলকে একসঙ্গে কাজ করতে হবে। স্বাস্থ্যবিধি মেনে সকল কার্যক্রম পরিচালনার জন্য সংশ্লিষ্ট কর্তৃপক্ষকে নির্দেশ দেওয়া হয়েছে। এ বিষয়ে প্রয়োজনীয় ব্যবস্থা গ্রহণের আহ্বান জানানো হয়।
নিজস্ব প্রতিবেদক ঢাকায় অনুষ্ঠিত এক আলোচনা সভায় বক্তারা বলেন দেশের উন্নয়নের ধারা অব্যাহত রাখতে সকলকে একসঙ্গে কাজ করতে হবে। স্বাস্থ্যবিধি মেনে সকল কার্যক্রম পরিচালনার জন্য সংশ্লিষ্ট কর্তৃপক্ষকে নির্দেশ দেওয়া হয়েছে। এ বিষয়ে প্রয়োজনীয় ব্যবস্থা গ্রহণের আহ্বান জানানো হয়।
নিজস্ব প্রতিবেদক ঢাকায় অনুষ্ঠিত এক আলোচনা সভায় বক্তারা বলেন দেশের উন্নয়নের ধারা অব্যাহত রাখতে সকলকে একসঙ্গে কাজ করতে হবে। স্বাস্থ্যবিধি মেনে সকল কার্যক্রম পরিচালনার জন্য সংশ্লিষ্ট কর্তৃপক্ষকে নির্দেশ দেওয়া হয়েছে। এ বিষয়ে প্রয়োজনীয় ব্যবস্থা গ্রহণের আহ্বান জানানো হয়।
নিজস্ব প্রতিবেদক ঢাকায় অনুষ্ঠিত এক আলোচনা সভায় বক্তারা বলেন দেশের উন্নয়নের ধারা অব্যাহত রাখতে সকলকে একসঙ্গে কাজ করতে হবে। স্বাস্থ্যবিধি মেনে সকল কার্যক্রম পরিচালনার জন্য সংশ্লিষ্ট কর্তৃপক্ষকে নির্দেশ দেওয়া হয়েছে। এ বিষয়ে প্রয়োজনীয় ব্যবস্থা গ্রহণের আহ্বান জানানো হয়।
যুক্তি সঙ্গে বেঁধে
নিজস্ব প্রতিবেদক ঢাকায় অনুষ্ঠিত এক আলোচনা সভায় বক্তারা বলেন দেশের উন্নয়নের ধারা অব্যাহত রাখতে সকলকে একসঙ্গে কাজ করতে হবে। স্বাস্থ্যবিধি মেনে সকল কার্যক্রম পরিচালনার জন্য সংশ্লিষ্ট কর্তৃপক্ষকে নির্দেশ দেওয়া হয়েছে। এ বিষয়ে প্রয়োজনীয় ব্যবস্থা গ্রহণের আহ্বান জানানো হয়।
নিজস্ব প্রতিবেদক ঢাকায় অনুষ্ঠিত এক আলোচনা সভায় বক্তারা বলেন দেশের উন্নয়নের ধারা অব্যাহত রাখতে সকলকে একসঙ্গে কাজ করতে হবে। স্বাস্থ্যবিধি মেনে সকল কার্যক্রম পরিচালনার জন্য সংশ্লিষ্ট কর্তৃপক্ষকে নির্দেশ দেওয়া হয়েছে। এ বিষয়ে প্রয়োজনীয় ব্যবস্থা গ্রহণের আহ্বান জানানো হয়।
নিজস্ব প্রতিবেদক ঢাকায় অনুষ্ঠিত এক আলোচনা সভায় বক্তারা বলেন দেশের উন্নয়নের ধারা অব্যাহত রাখতে সকলকে একসঙ্গে কাজ করতে হবে। স্বাস্থ্যবিধি মেনে সকল কার্যক্রম পরিচালনার জন্য সংশ্লিষ্ট কর্তৃপক্ষকে নির্দেশ দেওয়া হয়েছে। এ বিষয়ে প্রয়োজনীয় ব্যবস্থা গ্রহণের আহ্বান জানানো হয়।
নিজস্ব প্রতিবেদক ঢাকায় অনুষ্ঠিত এক আলোচনা সভায় বক্তারা বলেন দেশের উন্নয়নের ধারা অব্যাহত রাখতে সকলকে একসঙ্গে কাজ করতে হবে। স্বাস্থ্যবিধি মেনে সকল কার্যক্রম পরিচালনার জন্য সংশ্লিষ্ট কর্তৃপক্ষকে নির্দেশ দেওয়া হয়েছে। এ বিষয়ে প্রয়োজনীয় ব্যবস্থা গ্রহণের আহ্বান জানানো হয়।
পেট্রোলিয়াম গ্রুপিউ
নিজস্ব প্রতিবেদক ঢাকায় অনুষ্ঠিত এক আলোচনা সভায় বক্তারা বলেন দেশের উন্নয়নের ধারা অব্যাহত রাখতে সকলকে একসঙ্গে কাজ করতে হবে। স্বাস্থ্যবিধি মেনে সকল কার্যক্রম পরিচালনার জন্য সংশ্লিষ্ট কর্তৃপক্ষকে নির্দেশ দেওয়া হয়েছে। এ বিষয়ে প্রয়োজনীয় ব্যবস্থা গ্রহণের আহ্বান জানানো হয়।
নিজস্ব প্রতিবেদক ঢাকায় অনুষ্ঠিত এক আলোচনা সভায় বক্তারা বলেন দেশের উন্নয়নের ধারা অব্যাহত রাখতে সকলকে একসঙ্গে কাজ করতে হবে। স্বাস্থ্যবিধি মেনে সকল কার্যক্রম পরিচালনার জন্য সংশ্লিষ্ট কর্তৃপক্ষকে নির্দেশ দেওয়া হয়েছে। এ বিষয়ে প্রয়োজনীয় ব্যবস্থা গ্রহণের আহ্বান জানানো হয়।
নিজস্ব প্রতিবেদক ঢাকায় অনুষ্ঠিত এক আলোচনা সভায় বক্তারা বলেন দেশের উন্নয়নের ধারা অব্যাহত রাখতে সকলকে একসঙ্গে কাজ করতে হবে। স্বাস্থ্যবিধি মেনে সকল কার্যক্রম পরিচালনার জন্য সংশ্লিষ্ট কর্তৃপক্ষকে নির্দেশ দেওয়া হয়েছে। এ বিষয়ে প্রয়োজনীয় ব্যবস্থা গ্রহণের আহ্বান জানানো হয়।
নিজস্ব প্রতিবেদক ঢাকায় অনুষ্ঠিত এক আলোচনা সভায় বক্তারা বলেন দেশের উন্নয়নের ধারা অব্যাহত রাখতে সকলকে একসঙ্গে কাজ করতে হবে। স্বাস্থ্যবিধি মেনে সকল কার্যক্রম পরিচালনার জন্য সংশ্লিষ্ট কর্তৃপক্ষকে নির্দেশ দেওয়া হয়েছে। এ বিষয়ে প্রয়োজনীয় ব্যবস্থা গ্রহণের আহ্বান জানানো হয়।
আয়কর ১ কোটি
নিজস্ব প্রতিবেদক ঢাকায় অনুষ্ঠিত এক আলোচনা সভায় বক্তারা বলেন দেশের উন্নয়নের ধারা অব্যাহত রাখতে সকলকে একসঙ্গে কাজ করতে হবে। স্বাস্থ্যবিধি মেনে সকল কার্যক্রম পরিচালনার জন্য সংশ্লিষ্ট কর্তৃপক্ষকে নির্দেশ দেওয়া হয়েছে। এ বিষয়ে প্রয়োজনীয় ব্যবস্থা গ্রহণের আহ্বান জানানো হয়।
নিজস্ব প্রতিবেদক ঢাকায় অনুষ্ঠিত এক আলোচনা সভায় বক্তারা বলেন দেশের উন্নয়নের ধারা অব্যাহত রাখতে সকলকে একসঙ্গে কাজ করতে হবে। স্বাস্থ্যবিধি মেনে সকল কার্যক্রম পরিচালনার জন্য সংশ্লিষ্ট কর্তৃপক্ষকে নির্দেশ দেওয়া হয়েছে। এ বিষয়ে প্রয়োজনীয় ব্যবস্থা গ্রহণের আহ্বান জানানো হয়।
নিজস্ব প্রতিবেদক ঢাকায় অনুষ্ঠিত এক আলোচনা সভায় বক্তারা বলেন দেশের উন্নয়নের ধারা অব্যাহত রাখতে সকলকে একসঙ্গে কাজ করতে হবে। স্বাস্থ্যবিধি মেনে সকল কার্যক্রম পরিচালনার জন্য সংশ্লিষ্ট কর্তৃপক্ষকে নির্দেশ দেওয়া হয়েছে। এ বিষয়ে প্রয়োজনীয় ব্যবস্থা গ্রহণের আহ্বান জানানো হয়।
নিজস্ব প্রতিবেদক ঢাকায় অনুষ্ঠিত এক আলোচনা সভায় বক্তারা বলেন দেশের উন্নয়নের ধারা অব্যাহত রাখতে সকলকে একসঙ্গে কাজ করতে হবে। স্বাস্থ্যবিধি মেনে সকল কার্যক্রম পরিচালনার জন্য সংশ্লিষ্ট কর্তৃপক্ষকে নির্দেশ দেওয়া হয়েছে। এ বিষয়ে প্রয়োজনীয় ব্যবস্থা গ্রহণের আহ্বান জানানো হয়।
নিজস্ব প্রতিবেদক ঢাকায় অনুষ্ঠিত এক আলোচনা সভায় বক্তারা বলেন দেশের উন্নয়নের ধারা অব্যাহত রাখতে সকলকে একসঙ্গে কাজ করতে হবে। স্বাস্থ্যবিধি মেনে সকল কার্যক্রম পরিচালনার জন্য সংশ্লিষ্ট কর্তৃপক্ষকে নির্দেশ দেওয়া হয়েছে। এ বিষয়ে প্রয়োজনীয় ব্যবস্থা গ্রহণের আহ্বান জানানো হয়।
কক্সবাজার এখনো
নিজস্ব প্রতিবেদক ঢাকায় অনুষ্ঠিত এক আলোচনা সভায় বক্তারা বলেন দেশের উন্নয়নের ধারা অব্যাহত রাখতে সকলকে একসঙ্গে কাজ করতে হবে। স্বাস্থ্যবিধি মেনে সকল কার্যক্রম পরিচালনার জন্য সংশ্লিষ্ট কর্তৃপক্ষকে নির্দেশ দেওয়া হয়েছে। এ বিষয়ে প্রয়োজনীয় ব্যবস্থা গ্রহণের আহ্বান জানানো হয়।
নিজস্ব প্রতিবেদক ঢাকায় অনুষ্ঠিত এক আলোচনা সভায় বক্তারা বলেন দেশের উন্নয়নের ধারা অব্যাহত রাখতে সকলকে একসঙ্গে কাজ করতে হবে। স্বাস্থ্যবিধি মেনে সকল কার্যক্রম পরিচালনার জন্য সংশ্লিষ্ট কর্তৃপক্ষকে নির্দেশ দেওয়া হয়েছে। এ বিষয়ে প্রয়োজনীয় ব্যবস্থা গ্রহণের আহ্বান জানানো হয়।
নিজস্ব প্রতিবেদক ঢাকায় অনুষ্ঠিত এক আলোচনা সভায় বক্তারা বলেন দেশের উন্নয়নের ধারা অব্যাহত রাখতে সকলকে একসঙ্গে কাজ করতে হবে। স্বাস্থ্যবিধি মেনে সকল কার্যক্রম পরিচালনার জন্য সংশ্লিষ্ট কর্তৃপক্ষকে নির্দেশ দেওয়া হয়েছে। এ বিষয়ে প্রয়োজনীয় ব্যবস্থা গ্রহণের আহ্বান জানানো হয়।
নিজস্ব প্রতিবেদক ঢাকায় অনুষ্ঠিত এক আলোচনা সভায় বক্তারা বলেন দেশের উন্নয়নের ধারা অব্যাহত রাখতে সকলকে একসঙ্গে কাজ করতে হবে। স্বাস্থ্যবিধি মেনে সকল কার্যক্রম পরিচালনার জন্য সংশ্লিষ্ট কর্তৃপক্ষকে নির্দেশ দেওয়া হয়েছে। এ বিষয়ে প্রয়োজনীয় ব্যবস্থা গ্রহণের আহ্বান জানানো হয়।
নিজস্ব প্রতিবেদক ঢাকায় অনুষ্ঠিত এক আলোচনা সভায় বক্তারা বলেন দেশের উন্নয়নের ধারা অব্যাহত রাখতে সকলকে একসঙ্গে কাজ করতে হবে। স্বাস্থ্যবিধি মেনে সকল কার্যক্রম পরিচালনার জন্য সংশ্লিষ্ট কর্তৃপক্ষকে নির্দেশ দেওয়া হয়েছে। এ বিষয়ে প্রয়োজনীয় ব্যবস্থা গ্রহণের আহ্বান জানানো হয়।
নিজস্ব প্রতিবেদক ঢাকায় অনুষ্ঠিত এক আলোচনা সভায় বক্তারা বলেন দেশের উন্নয়নের ধারা অব্যাহত রাখতে সকলকে একসঙ্গে কাজ করতে হবে। স্বাস্থ্যবিধি মেনে সকল কার্যক্রম পরিচালনার জন্য সংশ্লিষ্ট কর্তৃপক্ষকে নির্দেশ দেওয়া হয়েছে। এ বিষয়ে প্রয়োজনীয় ব্যবস্থা গ্রহণের আহ্বান জানানো হয়।
নিজস্ব প্রতিবেদক ঢাকায় অনুষ্ঠিত এক আলোচনা সভায় বক্তারা বলেন দেশের উন্নয়নের ধারা অব্যাহত রাখতে সকলকে একসঙ্গে কাজ করতে হবে। স্বাস্থ্যবিধি মেনে সকল কার্যক্রম পরিচালনার জন্য সংশ্লিষ্ট কর্তৃপক্ষকে নির্দেশ দেওয়া হয়েছে। এ বিষয়ে প্রয়োজনীয় ব্যবস্থা গ্রহণের আহ্বান জানানো হয়।
নিজস্ব প্রতিবেদক ঢাকায় অনুষ্ঠিত এক আলোচনা সভায় বক্তারা বলেন দেশের উন্নয়নের ধারা অব্যাহত রাখতে সকলকে একসঙ্গে কাজ করতে হবে। স্বাস্থ্যবিধি মেনে সকল কার্যক্রম পরিচালনার জন্য সংশ্লিষ্ট কর্তৃপক্ষকে নির্দেশ দেওয়া হয়েছে। এ বিষয়ে প্রয়োজনীয় ব্যবস্থা গ্রহণের আহ্বান জানানো হয়।
নিজস্ব প্রতিবেদক ঢাকায় অনুষ্ঠিত এক আলোচনা সভায় বক্তারা বলেন দেশের উন্নয়নের ধারা অব্যাহত রাখতে সকলকে একসঙ্গে কাজ করতে হবে। স্বাস্থ্যবিধি মেনে সকল কার্যক্রম পরিচালনার জন্য সংশ্লিষ্ট কর্তৃপক্ষকে নির্দেশ দেওয়া হয়েছে। এ বিষয়ে প্রয়োজনীয় ব্যবস্থা গ্রহণের আহ্বান জানানো হয়।
নিজস্ব প্রতিবেদক ঢাকায় অনুষ্ঠিত এক আলোচনা সভায় বক্তারা বলেন দেশের উন্নয়নের ধারা অব্যাহত রাখতে সকলকে একসঙ্গে কাজ করতে হবে। স্বাস্থ্যবিধি মেনে সকল কার্যক্রম পরিচালনার জন্য সংশ্লিষ্ট কর্তৃপক্ষকে নির্দেশ দেওয়া হয়েছে। এ বিষয়ে প্রয়োজনীয় ব্যবস্থা গ্রহণের আহ্বান জানানো হয়।
তদন্ত কমিটির
নিজস্ব প্রতিবেদক ঢাকায় অনুষ্ঠিত এক আলোচনা সভায় বক্তারা বলেন দেশের উন্নয়নের ধারা অব্যাহত রাখতে সকলকে একসঙ্গে কাজ করতে হবে। স্বাস্থ্যবিধি মেনে সকল কার্যক্রম পরিচালনার জন্য সংশ্লিষ্ট কর্তৃপক্ষকে নির্দেশ দেওয়া হয়েছে। এ বিষয়ে প্রয়োজনীয় ব্যবস্থা গ্রহণের আহ্বান জানানো হয়।
নিজস্ব প্রতিবেদক ঢাকায় অনুষ্ঠিত এক আলোচনা সভায় বক্তারা বলেন দেশের উন্নয়নের ধারা অব্যাহত রাখতে সকলকে একসঙ্গে কাজ করতে হবে। স্বাস্থ্যবিধি মেনে সকল কার্যক্রম পরিচালনার জন্য সংশ্লিষ্ট কর্তৃপক্ষকে নির্দেশ দেওয়া হয়েছে। এ বিষয়ে প্রয়োজনীয় ব্যবস্থা গ্রহণের আহ্বান জানানো হয়।
নিজস্ব প্রতিবেদক ঢাকায় অনুষ্ঠিত এক আলোচনা সভায় বক্তারা বলেন দেশের উন্নয়নের ধারা অব্যাহত রাখতে সকলকে একসঙ্গে কাজ করতে হবে। স্বাস্থ্যবিধি মেনে সকল কার্যক্রম পরিচালনার জন্য সংশ্লিষ্ট কর্তৃপক্ষকে নির্দেশ দেওয়া হয়েছে। এ বিষয়ে প্রয়োজনীয় ব্যবস্থা গ্রহণের আহ্বান জানানো হয়।
অন্যরে দায়ী
নিজস্ব প্রতিবেদক ঢাকায় অনুষ্ঠিত এক আলোচনা সভায় বক্তারা বলেন দেশের উন্নয়নের ধারা অব্যাহত রাখতে সকলকে একসঙ্গে কাজ করতে হবে। স্বাস্থ্যবিধি মেনে সকল কার্যক্রম পরিচালনার জন্য সংশ্লিষ্ট কর্তৃপক্ষকে নির্দেশ দেওয়া হয়েছে। এ বিষয়ে প্রয়োজনীয় ব্যবস্থা গ্রহণের আহ্বান জানানো হয়।
নিজস্ব প্রতিবেদক ঢাকায় অনুষ্ঠিত এক আলোচনা সভায় বক্তারা বলেন দেশের উন্নয়নের ধারা অব্যাহত রাখতে সকলকে একসঙ্গে কাজ করতে হবে। স্বাস্থ্যবিধি মেনে সকল কার্যক্রম পরিচালনার জন্য সংশ্লিষ্ট কর্তৃপক্ষকে নির্দেশ দেওয়া হয়েছে। এ বিষয়ে প্রয়োজনীয় ব্যবস্থা গ্রহণের আহ্বান জানানো হয়।
নিজস্ব প্রতিবেদক ঢাকায় অনুষ্ঠিত এক আলোচনা সভায় বক্তারা বলেন দেশের উন্নয়নের ধারা অব্যাহত রাখতে সকলকে একসঙ্গে কাজ করতে হবে। স্বাস্থ্যবিধি মেনে সকল কার্যক্রম পরিচালনার জন্য সংশ্লিষ্ট কর্তৃপক্ষকে নির্দেশ দেওয়া হয়েছে। এ বিষয়ে প্রয়োজনীয় ব্যবস্থা গ্রহণের আহ্বান জানানো হয়।
নিজস্ব প্রতিবেদক ঢাকায় অনুষ্ঠিত এক আলোচনা সভায় বক্তারা বলেন দেশের উন্নয়নের ধারা অব্যাহত রাখতে সকলকে একসঙ্গে কাজ করতে হবে। স্বাস্থ্যবিধি মেনে সকল কার্যক্রম পরিচালনার জন্য সংশ্লিষ্ট কর্তৃপক্ষকে নির্দেশ দেওয়া হয়েছে। এ বিষয়ে প্রয়োজনীয় ব্যবস্থা গ্রহণের আহ্বান জানানো হয়।
নিজস্ব প্রতিবেদক ঢাকায় অনুষ্ঠিত এক আলোচনা সভায় বক্তারা বলেন দেশের উন্নয়নের ধারা অব্যাহত রাখতে সকলকে একসঙ্গে কাজ করতে হবে। স্বাস্থ্যবিধি মেনে সকল কার্যক্রম পরিচালনার জন্য সংশ্লিষ্ট কর্তৃপক্ষকে নির্দেশ দেওয়া হয়েছে। এ বিষয়ে প্রয়োজনীয় ব্যবস্থা গ্রহণের আহ্বান জানানো হয়।
নিজস্ব প্রতিবেদক ঢাকায় অনুষ্ঠিত এক আলোচনা সভায় বক্তারা বলেন দেশের উন্নয়নের ধারা অব্যাহত রাখতে সকলকে একসঙ্গে কাজ করতে হবে। স্বাস্থ্যবিধি মেনে সকল কার্যক্রম পরিচালনার জন্য সংশ্লিষ্ট কর্তৃপক্ষকে নির্দেশ দেওয়া হয়েছে। এ বিষয়ে প্রয়োজনীয় ব্যবস্থা গ্রহণের আহ্বান জানানো হয়।
নিজস্ব প্রতিবেদক ঢাকায় অনুষ্ঠিত এক আলোচনা সভায় বক্তারা বলেন দেশের উন্নয়নের ধারা অব্যাহত রাখতে সকলকে একসঙ্গে কাজ করতে হবে। স্বাস্থ্যবিধি মেনে সকল কার্যক্রম পরিচালনার জন্য সংশ্লিষ্ট কর্তৃপক্ষকে নির্দেশ দেওয়া হয়েছে। এ বিষয়ে প্রয়োজনীয় ব্যবস্থা গ্রহণের আহ্বান জানানো হয়।
নিজস্ব প্রতিবেদক ঢাকায় অনুষ্ঠিত এক আলোচনা সভায় বক্তারা বলেন দেশের উন্নয়নের ধারা অব্যাহত রাখতে সকলকে একসঙ্গে কাজ করতে হবে। স্বাস্থ্যবিধি মেনে সকল কার্যক্রম পরিচালনার জন্য সংশ্লিষ্ট কর্তৃপক্ষকে নির্দেশ দেওয়া হয়েছে। এ বিষয়ে প্রয়োজনীয় ব্যবস্থা গ্রহণের আহ্বান জানানো হয়।
নিজস্ব প্রতিবেদক ঢাকায় অনুষ্ঠিত এক আলোচনা সভায় বক্তারা বলেন দেশের উন্নয়নের ধারা অব্যাহত রাখতে সকলকে একসঙ্গে কাজ করতে হবে। স্বাস্থ্যবিধি মেনে সকল কার্যক্রম পরিচালনার জন্য সংশ্লিষ্ট কর্তৃপক্ষকে নির্দেশ দেওয়া হয়েছে। এ বিষয়ে প্রয়োজনীয় ব্যবস্থা গ্রহণের আহ্বান জানানো হয়।
নিজস্ব প্রতিবেদক ঢাকায় অনুষ্ঠিত এক আলোচনা সভায় বক্তারা বলেন দেশের উন্নয়নের ধারা অব্যাহত রাখতে সকলকে একসঙ্গে কাজ করতে হবে। স্বাস্থ্যবিধি মেনে সকল কার্যক্রম পরিচালনার জন্য সংশ্লিষ্ট কর্তৃপক্ষকে নির্দেশ দেওয়া হয়েছে। এ বিষয়ে প্রয়োজনীয় ব্যবস্থা গ্রহণের আহ্বান জানানো হয়।
নিজস্ব প্রতিবেদক ঢাকায় অনুষ্ঠিত এক আলোচনা সভায় বক্তারা বলেন দেশের উন্নয়নের ধারা অব্যাহত রাখতে সকলকে একসঙ্গে কাজ করতে হবে। স্বাস্থ্যবিধি মেনে সকল কার্যক্রম পরিচালনার জন্য সংশ্লিষ্ট কর্তৃপক্ষকে নির্দেশ দেওয়া হয়েছে। এ বিষয়ে প্রয়োজনীয় ব্যবস্থা গ্রহণের আহ্বান জানানো হয়।
নিজস্ব প্রতিবেদক ঢাকায় অনুষ্ঠিত এক আলোচনা সভায় বক্তারা বলেন দেশের উন্নয়নের ধারা অব্যাহত রাখতে সকলকে একসঙ্গে কাজ করতে হবে। স্বাস্থ্যবিধি মেনে সকল কার্যক্রম পরিচালনার জন্য সংশ্লিষ্ট কর্তৃপক্ষকে নির্দেশ দেওয়া হয়েছে। এ বিষয়ে প্রয়োজনীয় ব্যবস্থা গ্রহণের আহ্বান জানানো হয়।
নিজস্ব প্রতিবেদক ঢাকায় অনুষ্ঠিত এক আলোচনা সভায় বক্তারা বলেন দেশের উন্নয়নের ধারা অব্যাহত রাখতে সকলকে একসঙ্গে কাজ করতে হবে। স্বাস্থ্যবিধি মেনে সকল কার্যক্রম পরিচালনার জন্য সংশ্লিষ্ট কর্তৃপক্ষকে নির্দেশ দেওয়া হয়েছে। এ বিষয়ে প্রয়োজনীয় ব্যবস্থা গ্রহণের আহ্বান জানানো হয়।
নিজস্ব প্রতিবেদক ঢাকায় অনুষ্ঠিত এক আলোচনা সভায় বক্তারা বলেন দেশের উন্নয়নের ধারা অব্যাহত রাখতে সকলকে একসঙ্গে কাজ করতে হবে। স্বাস্থ্যবিধি মেনে সকল কার্যক্রম পরিচালনার জন্য সংশ্লিষ্ট কর্তৃপক্ষকে নির্দেশ দেওয়া হয়েছে। এ বিষয়ে প্রয়োজনীয় ব্যবস্থা গ্রহণের আহ্বান জানানো হয়।
